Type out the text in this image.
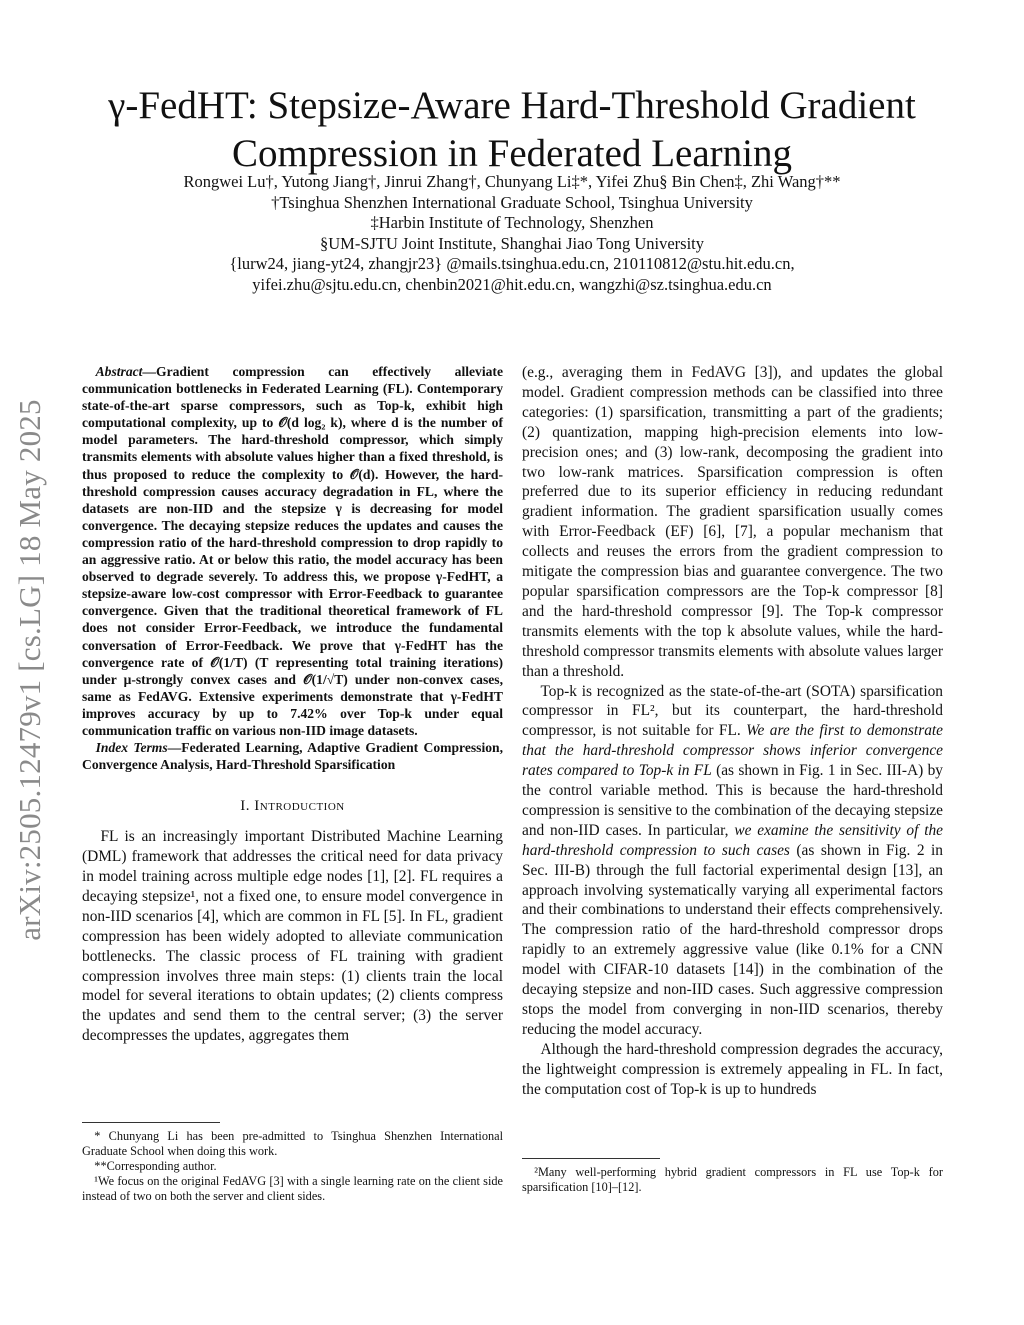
arXiv:2505.12479v1 [cs.LG] 18 May 2025
γ-FedHT: Stepsize-Aware Hard-Threshold Gradient
Compression in Federated Learning
Rongwei Lu†, Yutong Jiang†, Jinrui Zhang†, Chunyang Li‡*, Yifei Zhu§ Bin Chen‡, Zhi Wang†**
†Tsinghua Shenzhen International Graduate School, Tsinghua University
‡Harbin Institute of Technology, Shenzhen
§UM-SJTU Joint Institute, Shanghai Jiao Tong University
{lurw24, jiang-yt24, zhangjr23} @mails.tsinghua.edu.cn, 210110812@stu.hit.edu.cn,
yifei.zhu@sjtu.edu.cn, chenbin2021@hit.edu.cn, wangzhi@sz.tsinghua.edu.cn

Abstract—Gradient compression can effectively alleviate communication bottlenecks in Federated Learning (FL). Contemporary state-of-the-art sparse compressors, such as Top-k, exhibit high computational complexity, up to 𝒪(d log₂ k), where d is the number of model parameters. The hard-threshold compressor, which simply transmits elements with absolute values higher than a fixed threshold, is thus proposed to reduce the complexity to 𝒪(d). However, the hard-threshold compression causes accuracy degradation in FL, where the datasets are non-IID and the stepsize γ is decreasing for model convergence. The decaying stepsize reduces the updates and causes the compression ratio of the hard-threshold compression to drop rapidly to an aggressive ratio. At or below this ratio, the model accuracy has been observed to degrade severely. To address this, we propose γ-FedHT, a stepsize-aware low-cost compressor with Error-Feedback to guarantee convergence. Given that the traditional theoretical framework of FL does not consider Error-Feedback, we introduce the fundamental conversation of Error-Feedback. We prove that γ-FedHT has the convergence rate of 𝒪(1/T) (T representing total training iterations) under μ-strongly convex cases and 𝒪(1/√T) under non-convex cases, same as FedAVG. Extensive experiments demonstrate that γ-FedHT improves accuracy by up to 7.42% over Top-k under equal communication traffic on various non-IID image datasets.

Index Terms—Federated Learning, Adaptive Gradient Compression, Convergence Analysis, Hard-Threshold Sparsification

I. Introduction

FL is an increasingly important Distributed Machine Learning (DML) framework that addresses the critical need for data privacy in model training across multiple edge nodes [1], [2]. FL requires a decaying stepsize¹, not a fixed one, to ensure model convergence in non-IID scenarios [4], which are common in FL [5]. In FL, gradient compression has been widely adopted to alleviate communication bottlenecks. The classic process of FL training with gradient compression involves three main steps: (1) clients train the local model for several iterations to obtain updates; (2) clients compress the updates and send them to the central server; (3) the server decompresses the updates, aggregates them

* Chunyang Li has been pre-admitted to Tsinghua Shenzhen International Graduate School when doing this work.

**Corresponding author.

¹We focus on the original FedAVG [3] with a single learning rate on the client side instead of two on both the server and client sides.

(e.g., averaging them in FedAVG [3]), and updates the global model. Gradient compression methods can be classified into three categories: (1) sparsification, transmitting a part of the gradients; (2) quantization, mapping high-precision elements into low-precision ones; and (3) low-rank, decomposing the gradient into two low-rank matrices. Sparsification compression is often preferred due to its superior efficiency in reducing redundant gradient information. The gradient sparsification usually comes with Error-Feedback (EF) [6], [7], a popular mechanism that collects and reuses the errors from the gradient compression to mitigate the compression bias and guarantee convergence. The two popular sparsification compressors are the Top-k compressor [8] and the hard-threshold compressor [9]. The Top-k compressor transmits elements with the top k absolute values, while the hard-threshold compressor transmits elements with absolute values larger than a threshold.

Top-k is recognized as the state-of-the-art (SOTA) sparsification compressor in FL², but its counterpart, the hard-threshold compressor, is not suitable for FL. We are the first to demonstrate that the hard-threshold compressor shows inferior convergence rates compared to Top-k in FL (as shown in Fig. 1 in Sec. III-A) by the control variable method. This is because the hard-threshold compression is sensitive to the combination of the decaying stepsize and non-IID cases. In particular, we examine the sensitivity of the hard-threshold compression to such cases (as shown in Fig. 2 in Sec. III-B) through the full factorial experimental design [13], an approach involving systematically varying all experimental factors and their combinations to understand their effects comprehensively. The compression ratio of the hard-threshold compressor drops rapidly to an extremely aggressive value (like 0.1% for a CNN model with CIFAR-10 datasets [14]) in the combination of the decaying stepsize and non-IID cases. Such aggressive compression stops the model from converging in non-IID scenarios, thereby reducing the model accuracy.

Although the hard-threshold compression degrades the accuracy, the lightweight compression is extremely appealing in FL. In fact, the computation cost of Top-k is up to hundreds

²Many well-performing hybrid gradient compressors in FL use Top-k for sparsification [10]–[12].
